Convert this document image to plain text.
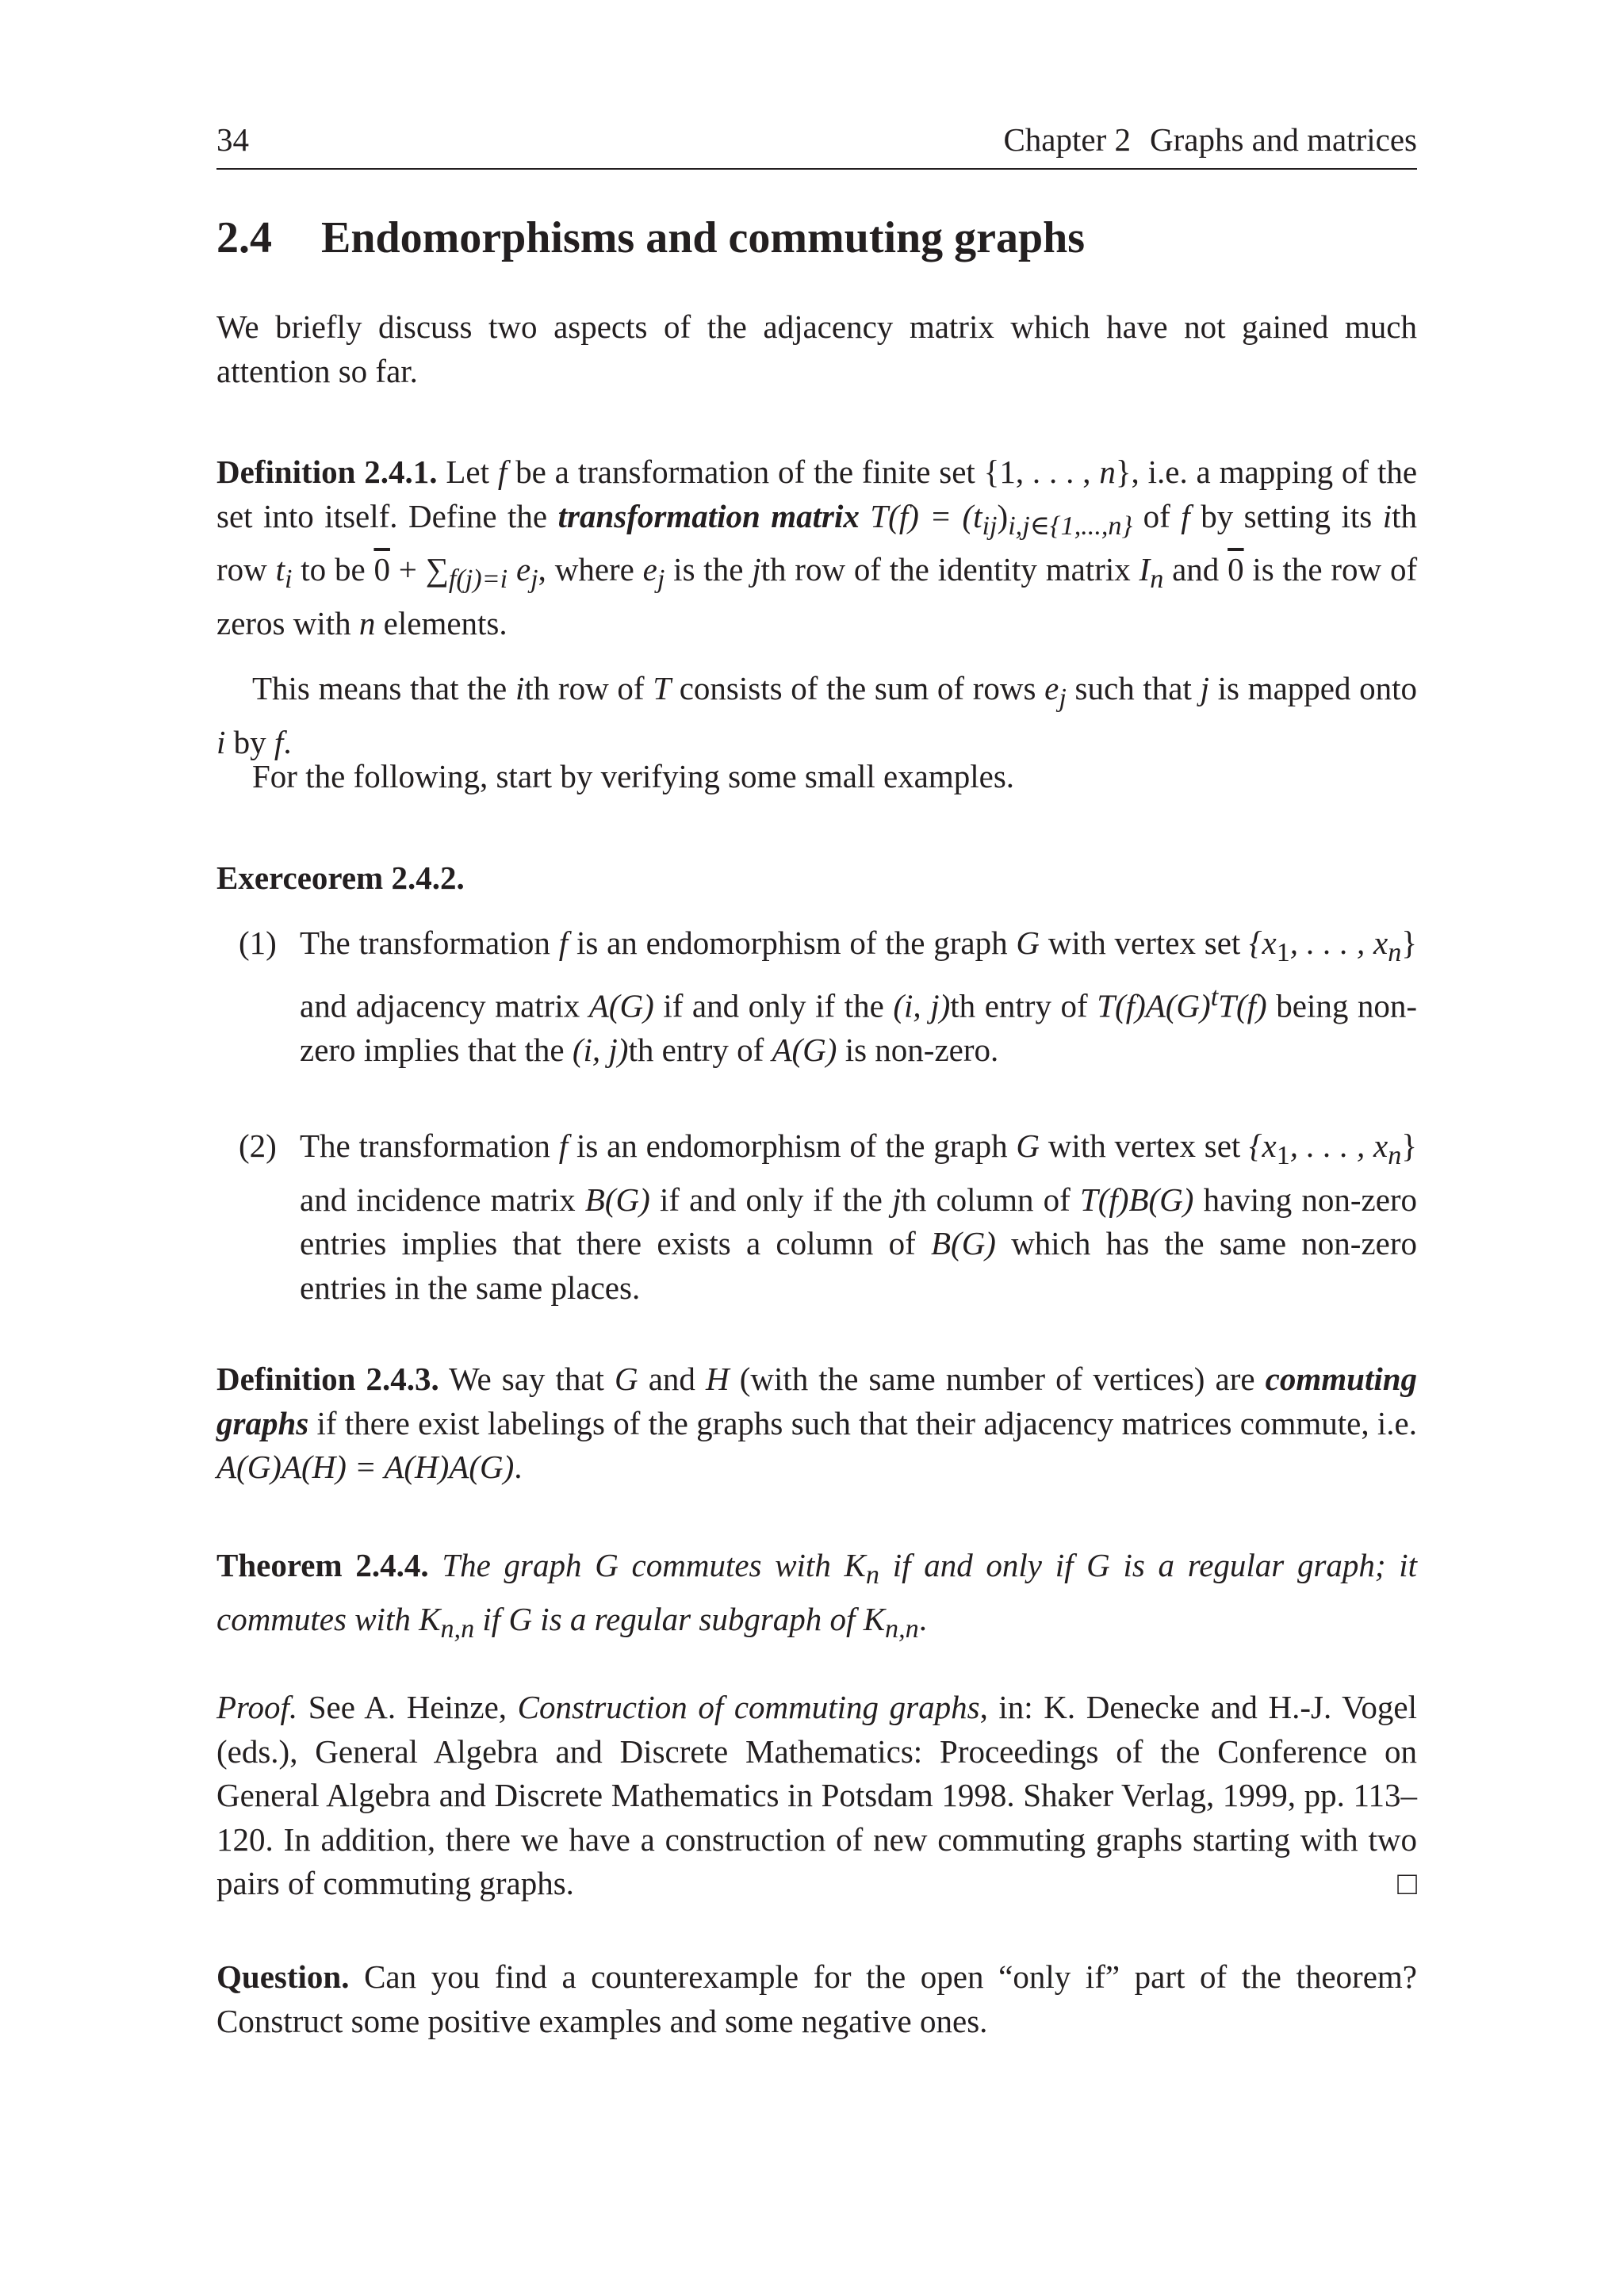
34	Chapter 2 Graphs and matrices
2.4 Endomorphisms and commuting graphs

We briefly discuss two aspects of the adjacency matrix which have not gained much attention so far.

Definition 2.4.1. Let f be a transformation of the finite set {1, . . . , n}, i.e. a mapping of the set into itself. Define the transformation matrix $T(f) = (t_{ij})_{i,j\in\{1,...,n\}}$ of f by setting its ith row $t_i$ to be $0 + \sum_{f(j)=i}$ $e_j$, where $e_j$ is the jth row of the identity matrix $I_n$ and 0 is the row of zeros with n elements.

This means that the ith row of T consists of the sum of rows $e_j$ such that j is mapped onto i by f.

For the following, start by verifying some small examples.

Exerceorem 2.4.2.

(1) The transformation f is an endomorphism of the graph G with vertex set {$x_1$, . . . , $x_n$} and adjacency matrix A(G) if and only if the (i, j)th entry of $T(f)A(G)^tT(f)$ being non-zero implies that the (i, j)th entry of A(G) is non-zero.
(2) The transformation f is an endomorphism of the graph G with vertex set {$x_1$, . . . , $x_n$} and incidence matrix B(G) if and only if the jth column of T(f)B(G) having non-zero entries implies that there exists a column of B(G) which has the same non-zero entries in the same places.

Definition 2.4.3. We say that G and H (with the same number of vertices) are commuting graphs if there exist labelings of the graphs such that their adjacency matrices commute, i.e. A(G)A(H) = A(H)A(G).

Theorem 2.4.4. The graph G commutes with $K_n$ if and only if G is a regular graph; it commutes with $K_{n,n}$ if G is a regular subgraph of $K_{n,n}$.

Proof. See A. Heinze, Construction of commuting graphs, in: K. Denecke and H.-J. Vogel (eds.), General Algebra and Discrete Mathematics: Proceedings of the Conference on General Algebra and Discrete Mathematics in Potsdam 1998. Shaker Verlag, 1999, pp. 113–120. In addition, there we have a construction of new commuting graphs starting with two pairs of commuting graphs.	□

Question. Can you find a counterexample for the open “only if” part of the theorem? Construct some positive examples and some negative ones.
